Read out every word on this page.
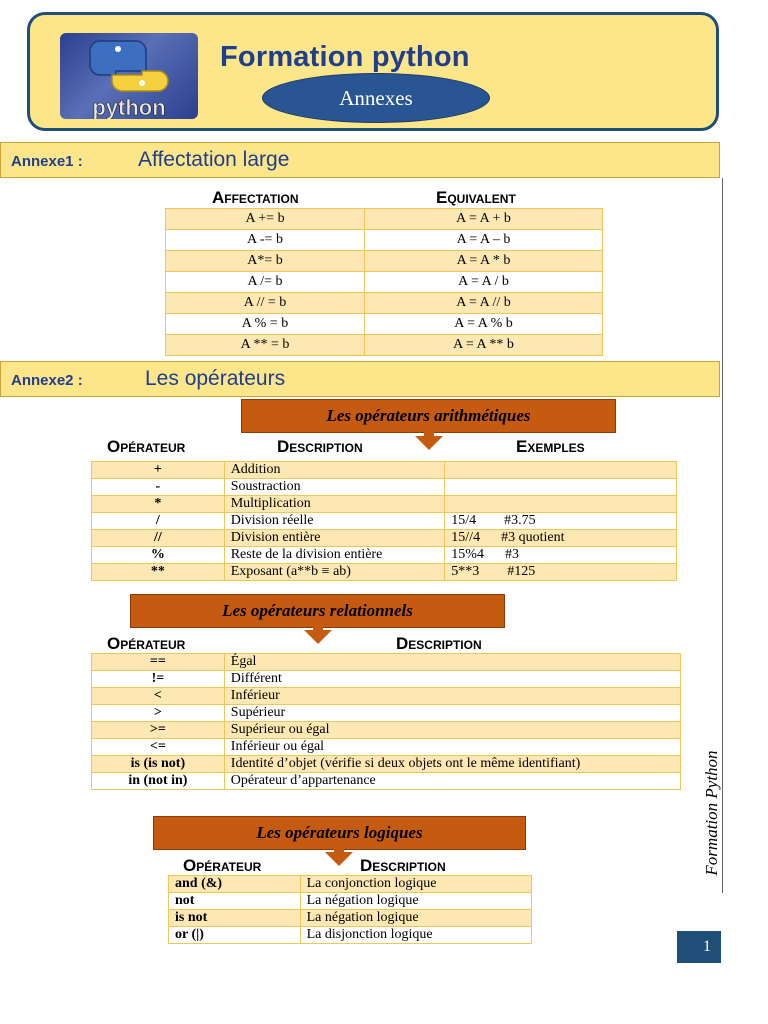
python
Formation python
Annexes
Annexe1 :	Affectation large
Affectation	Equivalent
A += b	A = A + b
A -= b	A = A – b
A*= b	A = A * b
A /= b	A = A / b
A // = b	A = A // b
A % = b	A = A % b
A ** = b	A = A ** b
Annexe2 :	Les opérateurs
Les opérateurs arithmétiques
Opérateur	Description	Exemples
+	Addition	
-	Soustraction	
*	Multiplication	
/	Division réelle	15/4        #3.75
//	Division entière	15//4      #3 quotient
%	Reste de la division entière	15%4      #3
**	Exposant (a**b ≡ ab)	5**3        #125
Les opérateurs relationnels
Opérateur	Description
==	Égal
!=	Différent
<	Inférieur
>	Supérieur
>=	Supérieur ou égal
<=	Inférieur ou égal
is (is not)	Identité d’objet (vérifie si deux objets ont le même identifiant)
in (not in)	Opérateur d’appartenance
Les opérateurs logiques
Opérateur	Description
and (&)	La conjonction logique
not	La négation logique
is not	La négation logique
or (|)	La disjonction logique
Formation Python
1
